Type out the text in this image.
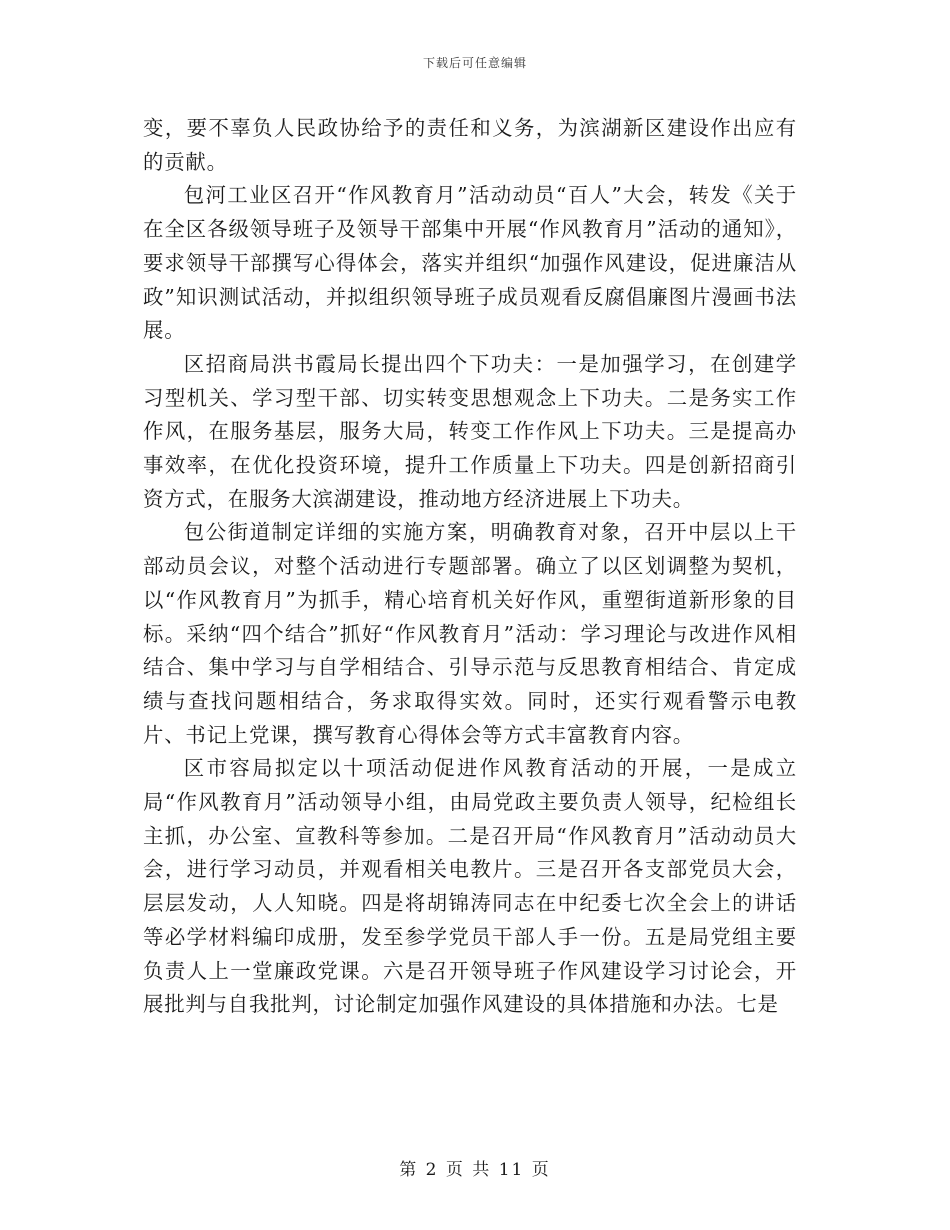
下载后可任意编辑

变，要不辜负人民政协给予的责任和义务，为滨湖新区建设作出应有的贡献。

包河工业区召开“作风教育月”活动动员“百人”大会，转发《关于在全区各级领导班子及领导干部集中开展“作风教育月”活动的通知》，要求领导干部撰写心得体会，落实并组织“加强作风建设，促进廉洁从政”知识测试活动，并拟组织领导班子成员观看反腐倡廉图片漫画书法展。

区招商局洪书霞局长提出四个下功夫：一是加强学习，在创建学习型机关、学习型干部、切实转变思想观念上下功夫。二是务实工作作风，在服务基层，服务大局，转变工作作风上下功夫。三是提高办事效率，在优化投资环境，提升工作质量上下功夫。四是创新招商引资方式，在服务大滨湖建设，推动地方经济进展上下功夫。

包公街道制定详细的实施方案，明确教育对象，召开中层以上干部动员会议，对整个活动进行专题部署。确立了以区划调整为契机，以“作风教育月”为抓手，精心培育机关好作风，重塑街道新形象的目标。采纳“四个结合”抓好“作风教育月”活动：学习理论与改进作风相结合、集中学习与自学相结合、引导示范与反思教育相结合、肯定成绩与查找问题相结合，务求取得实效。同时，还实行观看警示电教片、书记上党课，撰写教育心得体会等方式丰富教育内容。

区市容局拟定以十项活动促进作风教育活动的开展，一是成立局“作风教育月”活动领导小组，由局党政主要负责人领导，纪检组长主抓，办公室、宣教科等参加。二是召开局“作风教育月”活动动员大会，进行学习动员，并观看相关电教片。三是召开各支部党员大会，层层发动，人人知晓。四是将胡锦涛同志在中纪委七次全会上的讲话等必学材料编印成册，发至参学党员干部人手一份。五是局党组主要负责人上一堂廉政党课。六是召开领导班子作风建设学习讨论会，开展批判与自我批判，讨论制定加强作风建设的具体措施和办法。七是

第 2 页 共 11 页
